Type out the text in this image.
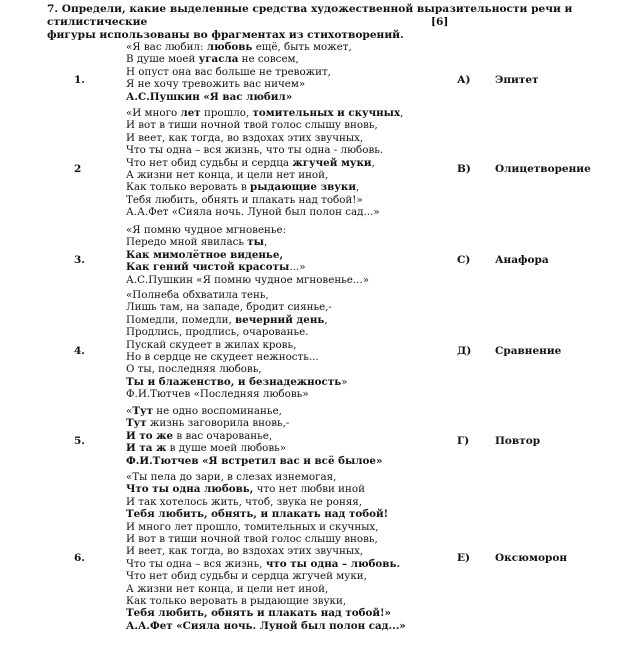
7. Определи, какие выделенные средства художественной выразительности речи и стилистические
фигуры использованы во фрагментах из стихотворений.
[6]
1.
«Я вас любил: любовь ещё, быть может,
В душе моей угасла не совсем,
Н опуст она вас больше не тревожит,
Я не хочу тревожить вас ничем»
А.С.Пушкин «Я вас любил»
А) Эпитет
2
«И много лет прошло, томительных и скучных,
И вот в тиши ночной твой голос слышу вновь,
И веет, как тогда, во вздохах этих звучных,
Что ты одна – вся жизнь, что ты одна - любовь.
Что нет обид судьбы и сердца жгучей муки,
А жизни нет конца, и цели нет иной,
Как только веровать в рыдающие звуки,
Тебя любить, обнять и плакать над тобой!»
А.А.Фет «Сияла ночь. Луной был полон сад...»
В) Олицетворение
3.
«Я помню чудное мгновенье:
Передо мной явилась ты,
Как мимолётное виденье,
Как гений чистой красоты...»
А.С.Пушкин «Я помню чудное мгновенье...»
С) Анафора
4.
«Полнеба обхватила тень,
Лишь там, на западе, бродит сиянье,-
Помедли, помедли, вечерний день,
Продлись, продлись, очарованье.
Пускай скудеет в жилах кровь,
Но в сердце не скудеет нежность...
О ты, последняя любовь,
Ты и блаженство, и безнадежность»
Ф.И.Тютчев «Последняя любовь»
Д) Сравнение
5.
«Тут не одно воспоминанье,
Тут жизнь заговорила вновь,-
И то же в вас очарованье,
И та ж в душе моей любовь»
Ф.И.Тютчев «Я встретил вас и всё былое»
Г) Повтор
6.
«Ты пела до зари, в слезах изнемогая,
Что ты одна любовь, что нет любви иной
И так хотелось жить, чтоб, звука не роняя,
Тебя любить, обнять, и плакать над тобой!
И много лет прошло, томительных и скучных,
И вот в тиши ночной твой голос слышу вновь,
И веет, как тогда, во вздохах этих звучных,
Что ты одна – вся жизнь, что ты одна – любовь.
Что нет обид судьбы и сердца жгучей муки,
А жизни нет конца, и цели нет иной,
Как только веровать в рыдающие звуки,
Тебя любить, обнять и плакать над тобой!»
А.А.Фет «Сияла ночь. Луной был полон сад...»
Е) Оксюморон
